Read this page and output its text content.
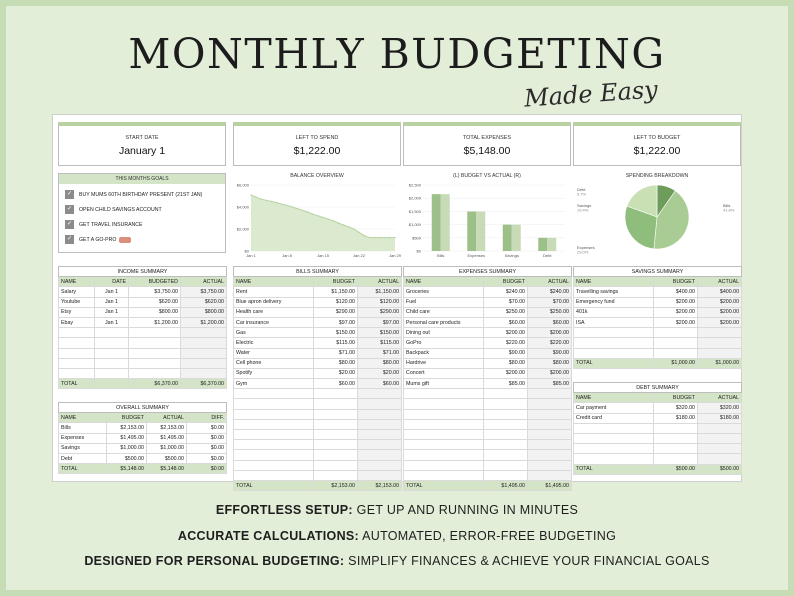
MONTHLY BUDGETING
Made Easy
START DATE
January 1
LEFT TO SPEND
$1,222.00
TOTAL EXPENSES
$5,148.00
LEFT TO BUDGET
$1,222.00
THIS MONTHS GOALS
✓	BUY MUMS 60TH BIRTHDAY PRESENT (21ST JAN)
✓	OPEN CHILD SAVINGS ACCOUNT
✓	GET TRAVEL INSURANCE
✓	GET A GO-PRO
BALANCE OVERVIEW
$0
$2,000
$4,000
$6,000
Jan 1	Jan 8	Jan 15	Jan 22	Jan 29
(L) BUDGET VS ACTUAL (R)
$0
$500
$1,000
$1,500
$2,000
$2,500
Bills	Expenses	Savings	Debt
SPENDING BREAKDOWN
Bills
41.8%
Expenses
29.0%
Savings
19.4%
Debt
9.7%
INCOME SUMMARY			
NAME	DATE	BUDGETED	ACTUAL
Salary	Jan 1	$3,750.00	$3,750.00
Youtube	Jan 1	$620.00	$620.00
Etsy	Jan 1	$800.00	$800.00
Ebay	Jan 1	$1,200.00	$1,200.00

TOTAL		$6,370.00	$6,370.00
OVERALL SUMMARY			
NAME	BUDGET	ACTUAL	DIFF.
Bills	$2,153.00	$2,153.00	$0.00
Expenses	$1,495.00	$1,495.00	$0.00
Savings	$1,000.00	$1,000.00	$0.00
Debt	$500.00	$500.00	$0.00
TOTAL	$5,148.00	$5,148.00	$0.00
BILLS SUMMARY		
NAME	BUDGET	ACTUAL
Rent	$1,150.00	$1,150.00
Blue apron delivery	$120.00	$120.00
Health care	$290.00	$290.00
Car insurance	$97.00	$97.00
Gas	$150.00	$150.00
Electric	$115.00	$115.00
Water	$71.00	$71.00
Cell phone	$80.00	$80.00
Spotify	$20.00	$20.00
Gym	$60.00	$60.00

TOTAL	$2,153.00	$2,153.00
EXPENSES SUMMARY		
NAME	BUDGET	ACTUAL
Groceries	$240.00	$240.00
Fuel	$70.00	$70.00
Child care	$250.00	$250.00
Personal care products	$60.00	$60.00
Dining out	$200.00	$200.00
GoPro	$220.00	$220.00
Backpack	$90.00	$90.00
Hardrive	$80.00	$80.00
Concert	$200.00	$200.00
Mums gift	$85.00	$85.00

TOTAL	$1,495.00	$1,495.00
SAVINGS SUMMARY		
NAME	BUDGET	ACTUAL
Travelling savings	$400.00	$400.00
Emergency fund	$200.00	$200.00
401k	$200.00	$200.00
ISA	$200.00	$200.00

TOTAL	$1,000.00	$1,000.00
DEBT SUMMARY		
NAME	BUDGET	ACTUAL
Car payment	$320.00	$320.00
Credit card	$180.00	$180.00

TOTAL	$500.00	$500.00
EFFORTLESS SETUP: GET UP AND RUNNING IN MINUTES
ACCURATE CALCULATIONS: AUTOMATED, ERROR-FREE BUDGETING
DESIGNED FOR PERSONAL BUDGETING: SIMPLIFY FINANCES & ACHIEVE YOUR FINANCIAL GOALS
